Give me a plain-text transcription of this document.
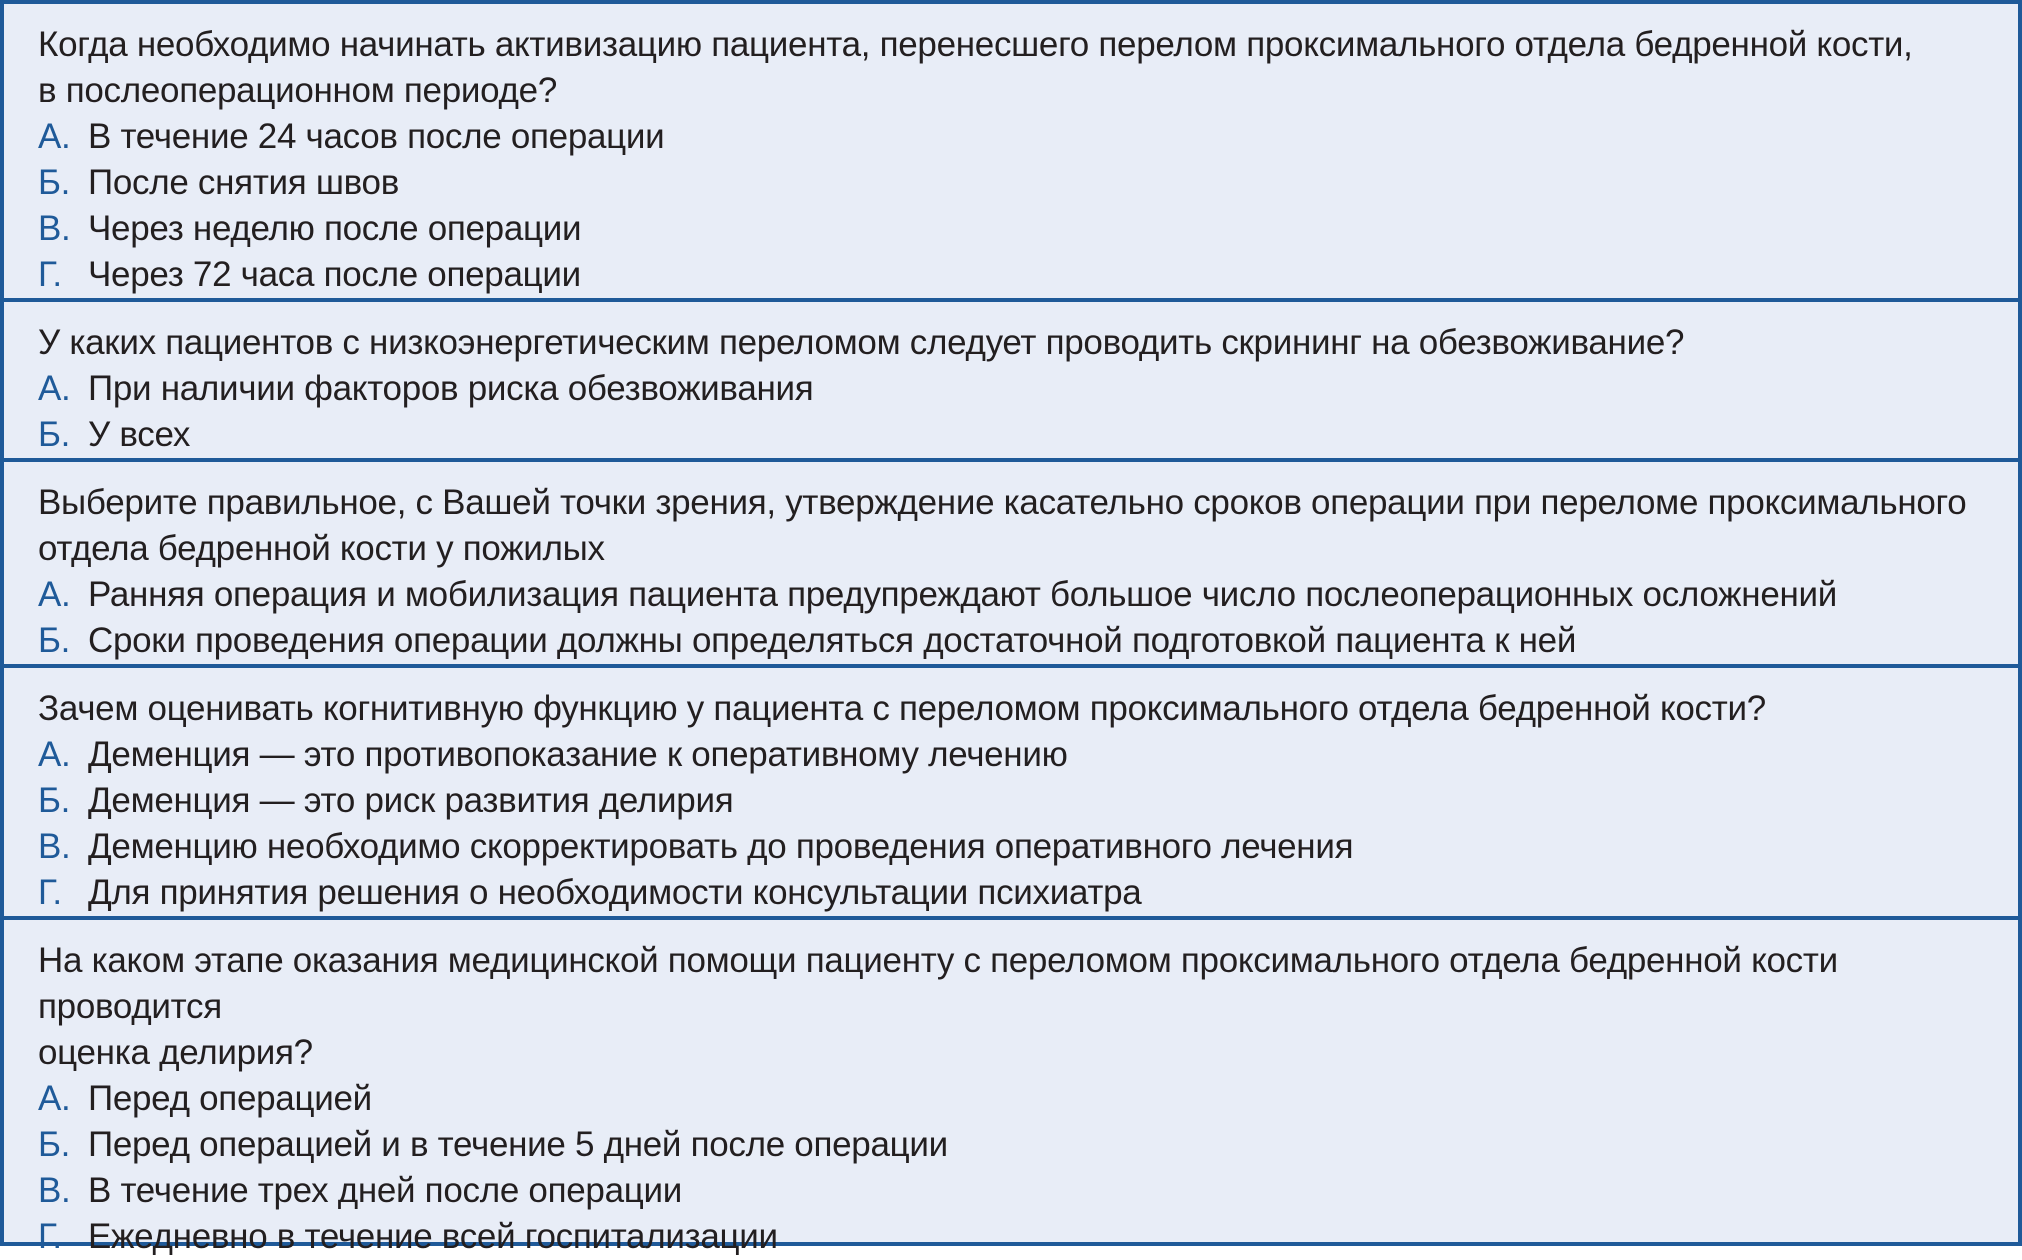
Когда необходимо начинать активизацию пациента, перенесшего перелом проксимального отдела бедренной кости,
в послеоперационном периоде?
А. В течение 24 часов после операции
Б. После снятия швов
В. Через неделю после операции
Г. Через 72 часа после операции
У каких пациентов с низкоэнергетическим переломом следует проводить скрининг на обезвоживание?
А. При наличии факторов риска обезвоживания
Б. У всех
Выберите правильное, с Вашей точки зрения, утверждение касательно сроков операции при переломе проксимального
отдела бедренной кости у пожилых
А. Ранняя операция и мобилизация пациента предупреждают большое число послеоперационных осложнений
Б. Сроки проведения операции должны определяться достаточной подготовкой пациента к ней
Зачем оценивать когнитивную функцию у пациента с переломом проксимального отдела бедренной кости?
А. Деменция — это противопоказание к оперативному лечению
Б. Деменция — это риск развития делирия
В. Деменцию необходимо скорректировать до проведения оперативного лечения
Г. Для принятия решения о необходимости консультации психиатра
На каком этапе оказания медицинской помощи пациенту с переломом проксимального отдела бедренной кости проводится
оценка делирия?
А. Перед операцией
Б. Перед операцией и в течение 5 дней после операции
В. В течение трех дней после операции
Г. Ежедневно в течение всей госпитализации
